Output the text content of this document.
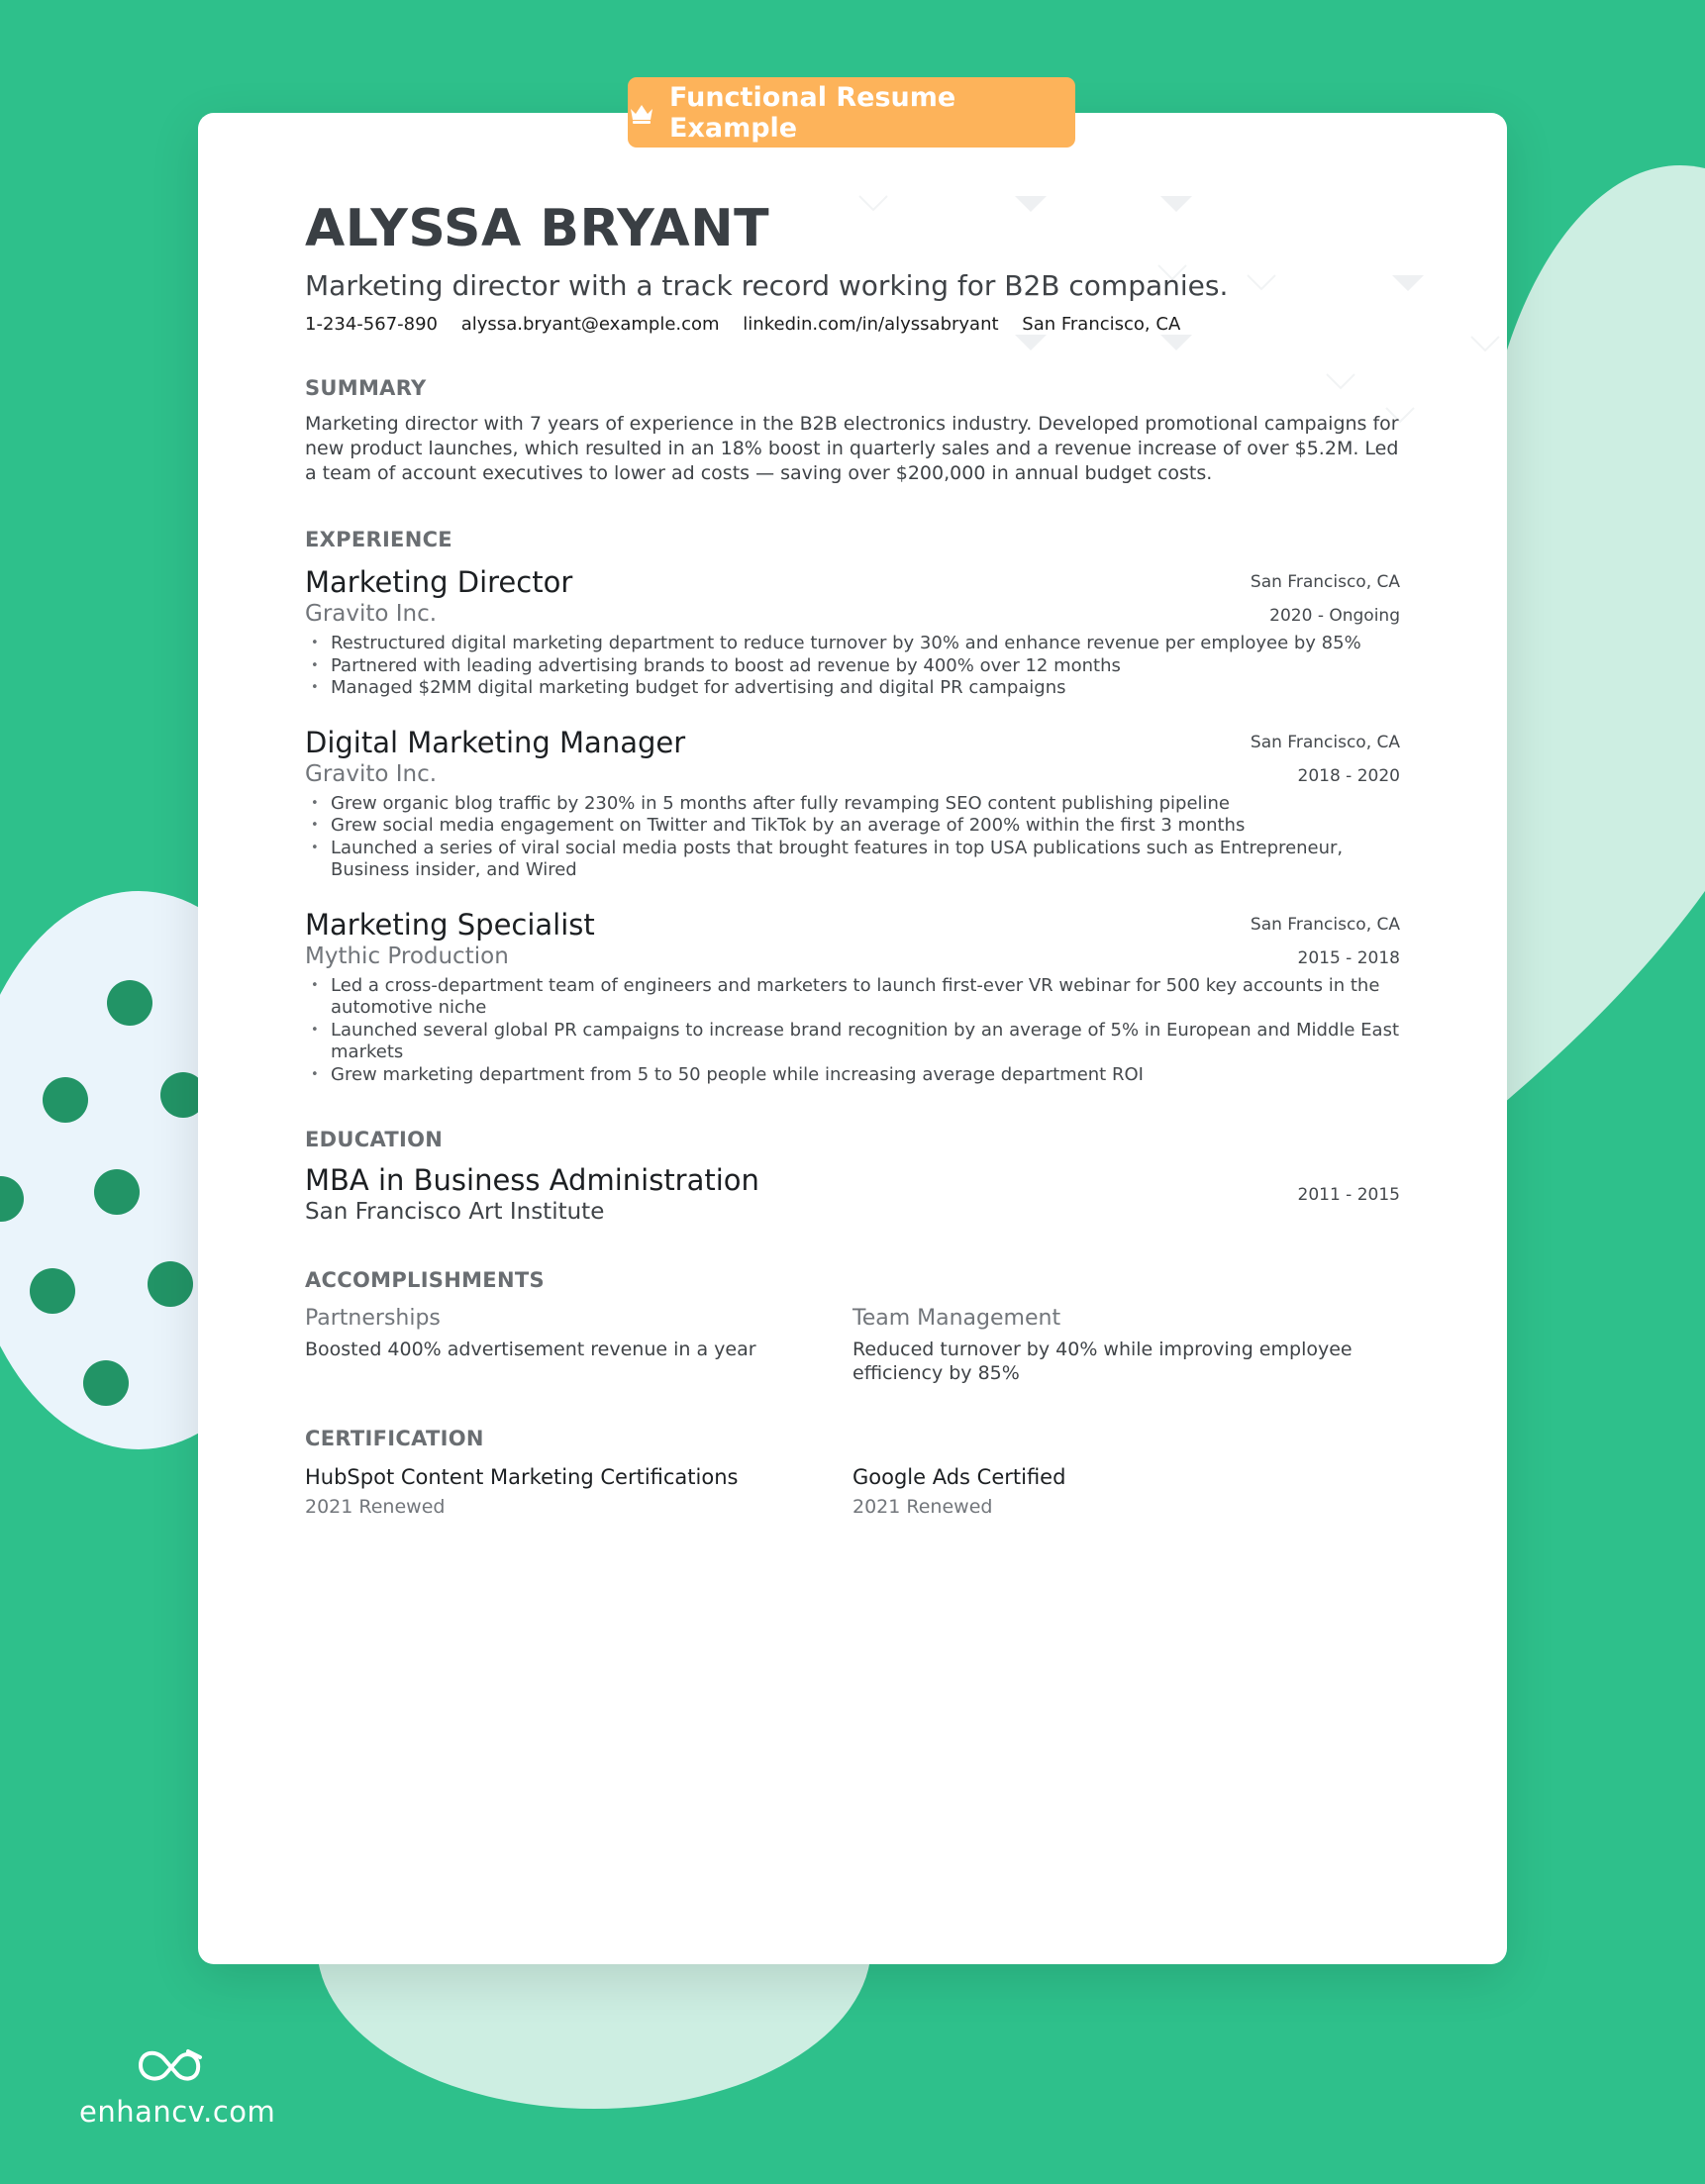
Functional Resume Example
ALYSSA BRYANT
Marketing director with a track record working for B2B companies.
1-234-567-890 alyssa.bryant@example.com linkedin.com/in/alyssabryant San Francisco, CA
SUMMARY

Marketing director with 7 years of experience in the B2B electronics industry. Developed promotional campaigns for new product launches, which resulted in an 18% boost in quarterly sales and a revenue increase of over $5.2M. Led a team of account executives to lower ad costs — saving over $200,000 in annual budget costs.

EXPERIENCE
Marketing Director
Gravito Inc.
San Francisco, CA
2020 - Ongoing
• Restructured digital marketing department to reduce turnover by 30% and enhance revenue per employee by 85%
• Partnered with leading advertising brands to boost ad revenue by 400% over 12 months
• Managed $2MM digital marketing budget for advertising and digital PR campaigns
Digital Marketing Manager
Gravito Inc.
San Francisco, CA
2018 - 2020
• Grew organic blog traffic by 230% in 5 months after fully revamping SEO content publishing pipeline
• Grew social media engagement on Twitter and TikTok by an average of 200% within the first 3 months
• Launched a series of viral social media posts that brought features in top USA publications such as Entrepreneur, Business insider, and Wired
Marketing Specialist
Mythic Production
San Francisco, CA
2015 - 2018
• Led a cross-department team of engineers and marketers to launch first-ever VR webinar for 500 key accounts in the automotive niche
• Launched several global PR campaigns to increase brand recognition by an average of 5% in European and Middle East markets
• Grew marketing department from 5 to 50 people while increasing average department ROI
EDUCATION
MBA in Business Administration
San Francisco Art Institute
2011 - 2015
ACCOMPLISHMENTS
Partnerships
Boosted 400% advertisement revenue in a year
Team Management
Reduced turnover by 40% while improving employee efficiency by 85%
CERTIFICATION
HubSpot Content Marketing Certifications
2021 Renewed
Google Ads Certified
2021 Renewed
enhancv.com
